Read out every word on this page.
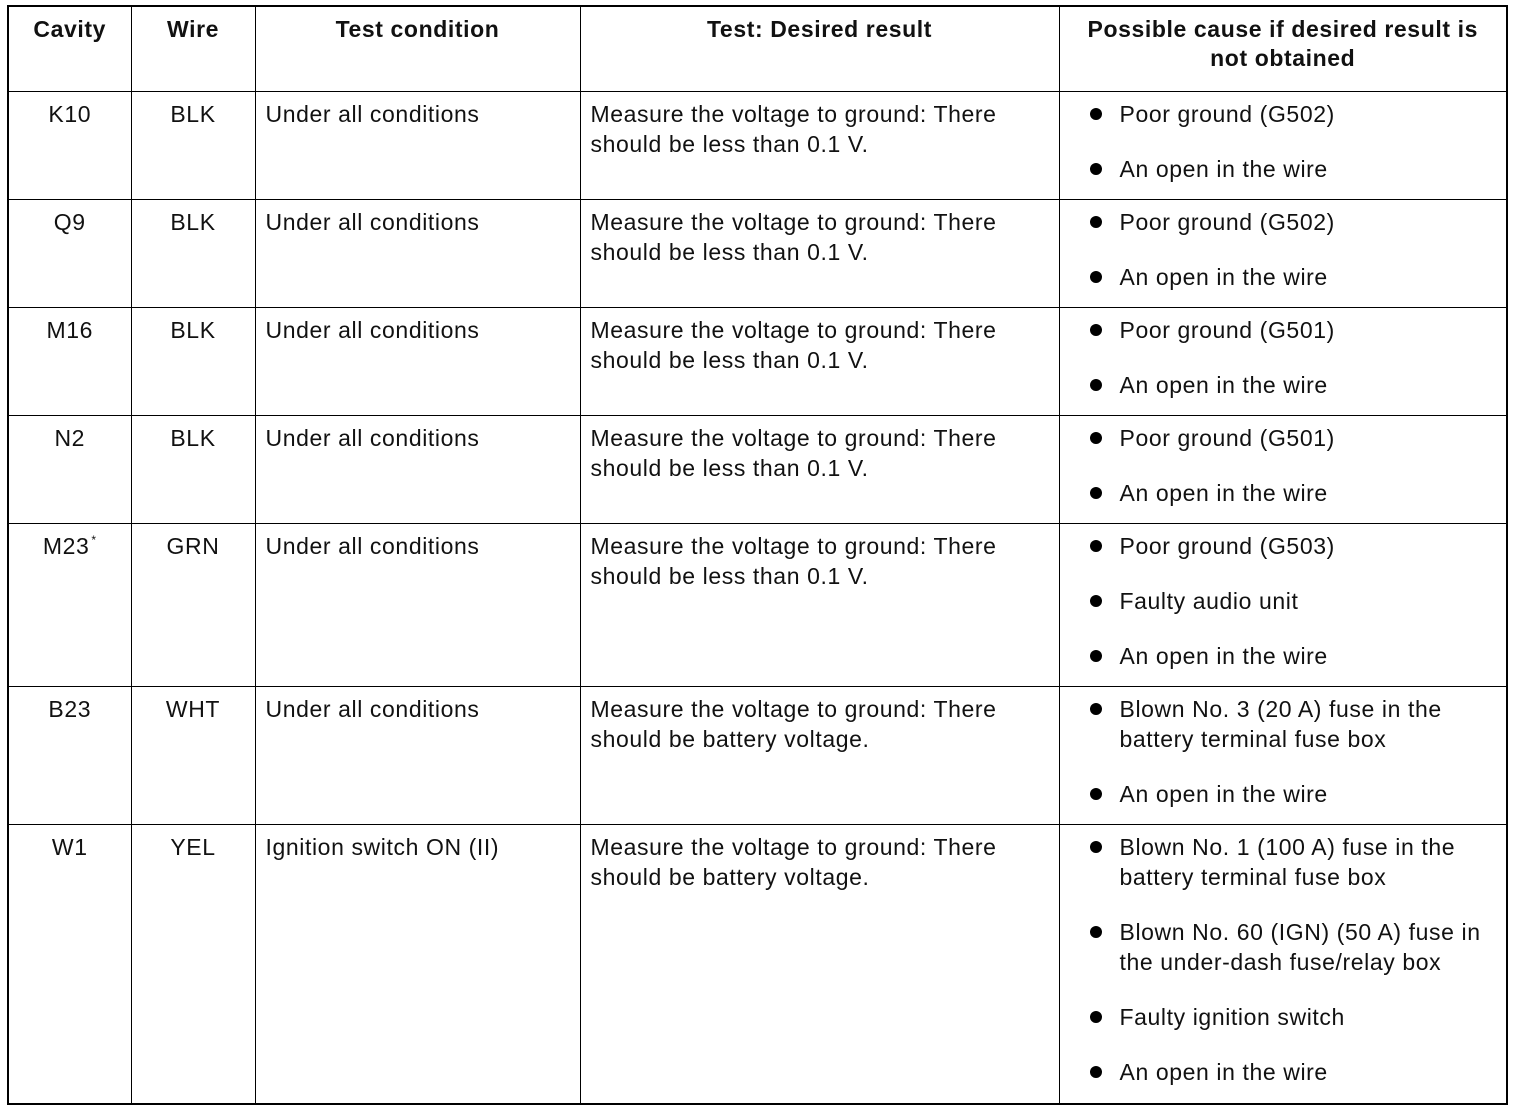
Cavity	Wire	Test condition	Test: Desired result	Possible cause if desired result is not obtained
K10	BLK	Under all conditions	Measure the voltage to ground: There should be less than 0.1 V.	Poor ground (G502)
An open in the wire

Q9	BLK	Under all conditions	Measure the voltage to ground: There should be less than 0.1 V.	Poor ground (G502)
An open in the wire

M16	BLK	Under all conditions	Measure the voltage to ground: There should be less than 0.1 V.	Poor ground (G501)
An open in the wire

N2	BLK	Under all conditions	Measure the voltage to ground: There should be less than 0.1 V.	Poor ground (G501)
An open in the wire

M23 *	GRN	Under all conditions	Measure the voltage to ground: There should be less than 0.1 V.	Poor ground (G503)
Faulty audio unit
An open in the wire

B23	WHT	Under all conditions	Measure the voltage to ground: There should be battery voltage.	Blown No. 3 (20 A) fuse in the battery terminal fuse box
An open in the wire

W1	YEL	Ignition switch ON (II)	Measure the voltage to ground: There should be battery voltage.	Blown No. 1 (100 A) fuse in the battery terminal fuse box
Blown No. 60 (IGN) (50 A) fuse in the under-dash fuse/relay box
Faulty ignition switch
An open in the wire
